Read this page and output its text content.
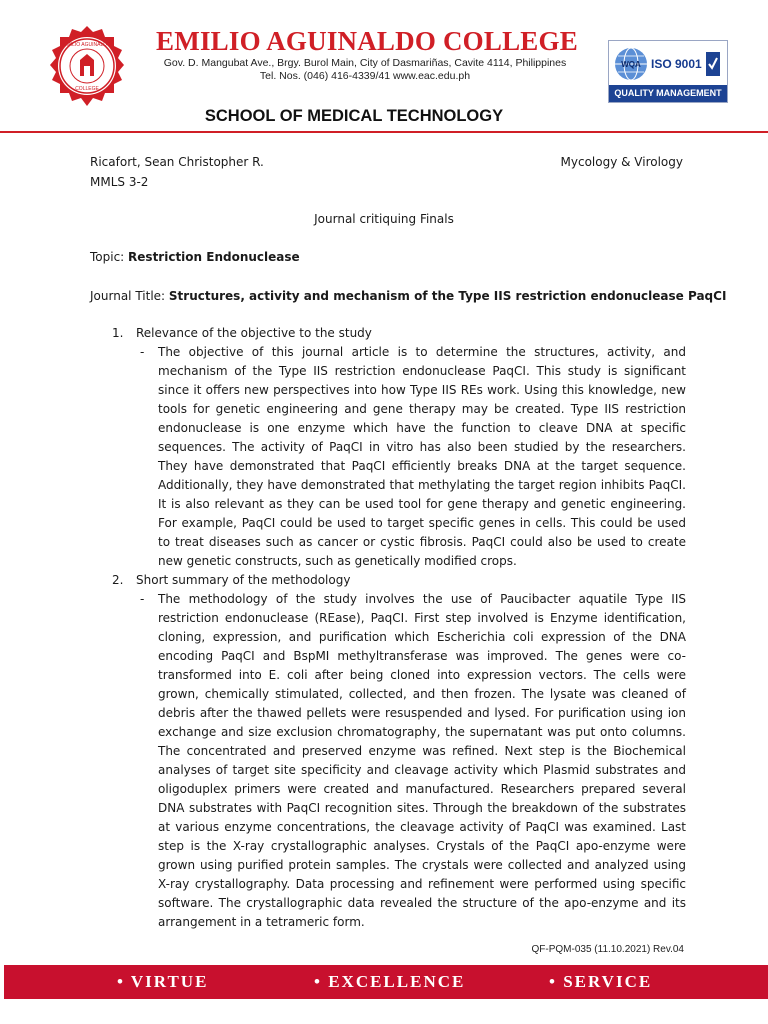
EMILIO AGUINALDO
COLLEGE
EMILIO AGUINALDO COLLEGE
Gov. D. Mangubat Ave., Brgy. Burol Main, City of Dasmariñas, Cavite 4114, Philippines
Tel. Nos. (046) 416-4339/41 www.eac.edu.ph
WQA ISO 9001
QUALITY MANAGEMENT
SCHOOL OF MEDICAL TECHNOLOGY
Ricafort, Sean Christopher R.	Mycology & Virology
MMLS 3-2
Journal critiquing Finals
Topic: Restriction Endonuclease
Journal Title: Structures, activity and mechanism of the Type IIS restriction endonuclease PaqCI
1. Relevance of the objective to the study
- The objective of this journal article is to determine the structures, activity, and mechanism of the Type IIS restriction endonuclease PaqCI. This study is significant since it offers new perspectives into how Type IIS REs work. Using this knowledge, new tools for genetic engineering and gene therapy may be created. Type IIS restriction endonuclease is one enzyme which have the function to cleave DNA at specific sequences. The activity of PaqCI in vitro has also been studied by the researchers. They have demonstrated that PaqCI efficiently breaks DNA at the target sequence. Additionally, they have demonstrated that methylating the target region inhibits PaqCI. It is also relevant as they can be used tool for gene therapy and genetic engineering. For example, PaqCI could be used to target specific genes in cells. This could be used to treat diseases such as cancer or cystic fibrosis. PaqCI could also be used to create new genetic constructs, such as genetically modified crops.
2. Short summary of the methodology
- The methodology of the study involves the use of Paucibacter aquatile Type IIS restriction endonuclease (REase), PaqCI. First step involved is Enzyme identification, cloning, expression, and purification which Escherichia coli expression of the DNA encoding PaqCI and BspMI methyltransferase was improved. The genes were co-transformed into E. coli after being cloned into expression vectors. The cells were grown, chemically stimulated, collected, and then frozen. The lysate was cleaned of debris after the thawed pellets were resuspended and lysed. For purification using ion exchange and size exclusion chromatography, the supernatant was put onto columns. The concentrated and preserved enzyme was refined. Next step is the Biochemical analyses of target site specificity and cleavage activity which Plasmid substrates and oligoduplex primers were created and manufactured. Researchers prepared several DNA substrates with PaqCI recognition sites. Through the breakdown of the substrates at various enzyme concentrations, the cleavage activity of PaqCI was examined. Last step is the X-ray crystallographic analyses. Crystals of the PaqCI apo-enzyme were grown using purified protein samples. The crystals were collected and analyzed using X-ray crystallography. Data processing and refinement were performed using specific software. The crystallographic data revealed the structure of the apo-enzyme and its arrangement in a tetrameric form.
QF-PQM-035 (11.10.2021) Rev.04
• VIRTUE	• EXCELLENCE	• SERVICE
